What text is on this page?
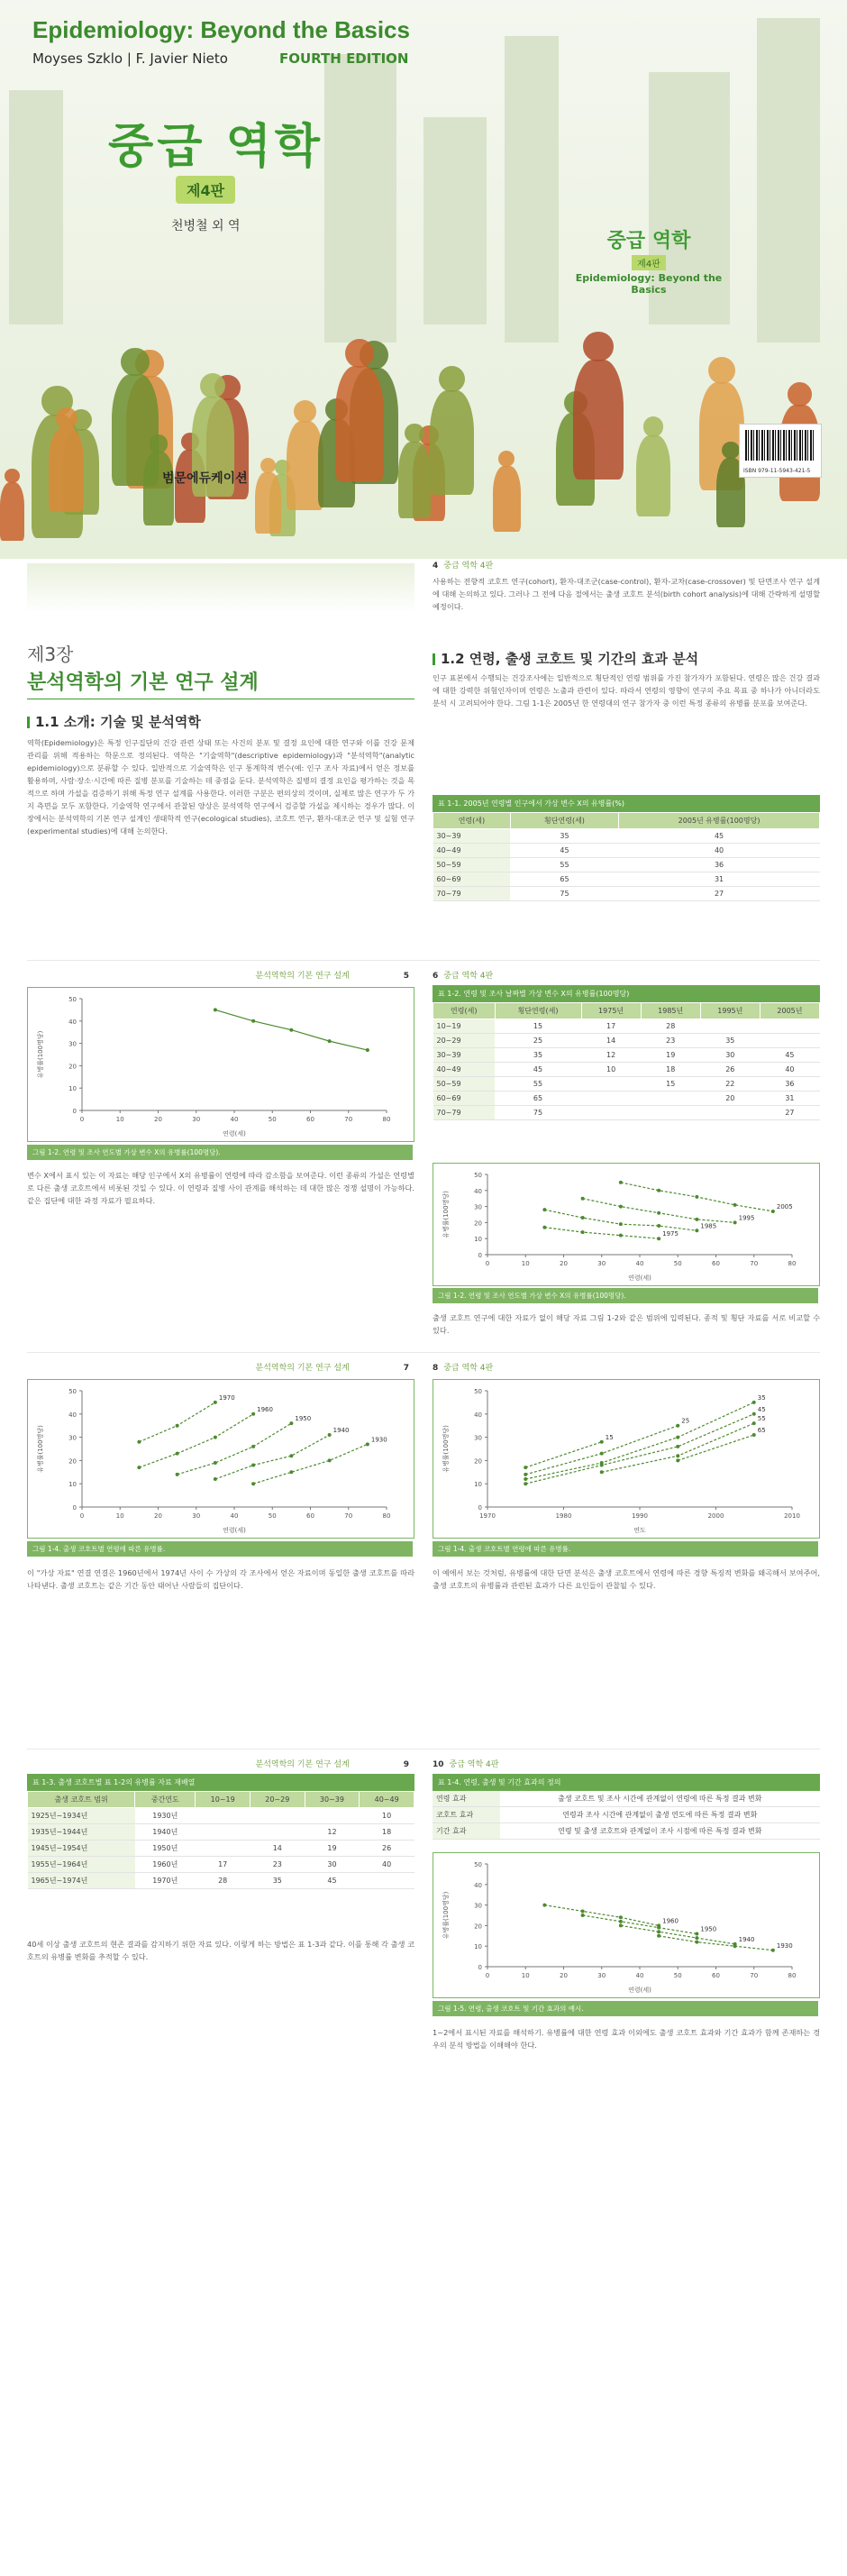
Epidemiology: Beyond the Basics
Moyses Szklo | F. Javier Nieto	FOURTH EDITION
중급 역학
제4판
천병철 외 역
범문에듀케이션
중급 역학
제4판
Epidemiology: Beyond the Basics
ISBN 979-11-5943-421-5
제3장
분석역학의 기본 연구 설계
1.1 소개: 기술 및 분석역학
역학(Epidemiology)은 특정 인구집단의 건강 관련 상태 또는 사건의 분포 및 결정 요인에 대한 연구와 이를 건강 문제 관리를 위해 적용하는 학문으로 정의된다. 역학은 "기술역학"(descriptive epidemiology)과 "분석역학"(analytic epidemiology)으로 분류할 수 있다. 일반적으로 기술역학은 인구 통계학적 변수(예: 인구 조사 자료)에서 얻은 정보를 활용하며, 사람·장소·시간에 따른 질병 분포를 기술하는 데 중점을 둔다. 분석역학은 질병의 결정 요인을 평가하는 것을 목적으로 하며 가설을 검증하기 위해 특정 연구 설계를 사용한다. 이러한 구분은 편의상의 것이며, 실제로 많은 연구가 두 가지 측면을 모두 포함한다. 기술역학 연구에서 관찰된 양상은 분석역학 연구에서 검증할 가설을 제시하는 경우가 많다. 이 장에서는 분석역학의 기본 연구 설계인 생태학적 연구(ecological studies), 코호트 연구, 환자-대조군 연구 및 실험 연구(experimental studies)에 대해 논의한다.
4 중급 역학 4판
사용하는 전향적 코호트 연구(cohort), 환자-대조군(case-control), 환자-교차(case-crossover) 및 단면조사 연구 설계에 대해 논의하고 있다. 그러나 그 전에 다음 절에서는 출생 코호트 분석(birth cohort analysis)에 대해 간략하게 설명할 예정이다.
1.2 연령, 출생 코호트 및 기간의 효과 분석
인구 표본에서 수행되는 건강조사에는 일반적으로 횡단적인 연령 범위를 가진 참가자가 포함된다. 연령은 많은 건강 결과에 대한 강력한 위험인자이며 연령은 노출과 관련이 있다. 따라서 연령의 영향이 연구의 주요 목표 중 하나가 아니더라도 분석 시 고려되어야 한다. 그림 1-1은 2005년 한 연령대의 연구 참가자 중 이런 특정 종류의 유병률 분포를 보여준다.
표 1-1. 2005년 연령별 인구에서 가상 변수 X의 유병률(%)
연령(세)	횡단연령(세)	2005년 유병률(100명당)
30~39	35	45
40~49	45	40
50~59	55	36
60~69	65	31
70~79	75	27
분석역학의 기본 연구 설계	5
0
10
20
30
40
50
0	10	20	30	40	50	60	70	80
연령(세)
유병률(100명당)
그림 1-2. 연령 및 조사 연도별 가상 변수 X의 유병률(100명당).
변수 X에서 표시 있는 이 자료는 해당 인구에서 X의 유병률이 연령에 따라 감소함을 보여준다. 이런 종류의 가설은 연령별로 다른 출생 코호트에서 비롯된 것일 수 있다. 이 연령과 질병 사이 관계를 해석하는 데 대한 많은 경쟁 설명이 가능하다. 같은 집단에 대한 과정 자료가 필요하다.
6 중급 역학 4판
표 1-2. 연령 및 조사 날짜별 가상 변수 X의 유병률(100명당)
연령(세)	횡단연령(세)	1975년	1985년	1995년	2005년
10~19	15	17	28		
20~29	25	14	23	35	
30~39	35	12	19	30	45
40~49	45	10	18	26	40
50~59	55		15	22	36
60~69	65			20	31
70~79	75				27
0
10
20
30
40
50
0	10	20	30	40	50	60	70	80
연령(세)
유병률(100명당)	1975
1985
1995
2005
그림 1-2. 연령 및 조사 연도별 가상 변수 X의 유병률(100명당).
출생 코호트 연구에 대한 자료가 없이 해당 자료 그림 1-2와 같은 범위에 입력된다. 종적 및 횡단 자료를 서로 비교할 수 있다.
분석역학의 기본 연구 설계	7
0
10
20
30
40
50
0	10	20	30	40	50	60	70	80
연령(세)
유병률(100명당)
1970
1960
1950
1940
1930
그림 1-4. 출생 코호트별 연령에 따른 유병률.
이 "가상 자료" 연결 연결은 1960년에서 1974년 사이 수 가상의 각 조사에서 얻은 자료이며 동일한 출생 코호트를 따라 나타낸다. 출생 코호트는 같은 기간 동안 태어난 사람들의 집단이다.
8 중급 역학 4판
0
10
20
30
40
50
1970	1980	1990	2000	2010
연도
유병률(100명당)	15
25
35
45
55
65
그림 1-4. 출생 코호트별 연령에 따른 유병률.
이 예에서 보는 것처럼, 유병률에 대한 단면 분석은 출생 코호트에서 연령에 따른 경향 특징적 변화를 왜곡해서 보여주어, 출생 코호트의 유병률과 관련된 효과가 다른 요인들이 관찰될 수 있다.
분석역학의 기본 연구 설계	9
표 1-3. 출생 코호트별 표 1-2의 유병률 자료 재배열
출생 코호트 범위	중간연도	10~19	20~29	30~39	40~49
1925년~1934년	1930년				10
1935년~1944년	1940년			12	18
1945년~1954년	1950년		14	19	26
1955년~1964년	1960년	17	23	30	40
1965년~1974년	1970년	28	35	45	
40세 이상 출생 코호트의 현존 결과를 감지하기 위한 자료 있다. 이렇게 하는 방법은 표 1-3과 같다. 이를 통해 각 출생 코호트의 유병률 변화를 추적할 수 있다.
10 중급 역학 4판
표 1-4. 연령, 출생 및 기간 효과의 정의
연령 효과	출생 코호트 및 조사 시간에 관계없이 연령에 따른 특정 결과 변화
코호트 효과	연령과 조사 시간에 관계없이 출생 연도에 따른 특정 결과 변화
기간 효과	연령 및 출생 코호트와 관계없이 조사 시점에 따른 특정 결과 변화
0
10
20
30
40
50
0	10	20	30	40	50	60	70	80
연령(세)
유병률(100명당)	1960
1950
1940
1930
그림 1-5. 연령, 출생 코호트 및 기간 효과의 예시.
1~2에서 표시된 자료를 해석하기. 유병률에 대한 연령 효과 이외에도 출생 코호트 효과와 기간 효과가 함께 존재하는 경우의 분석 방법을 이해해야 한다.
